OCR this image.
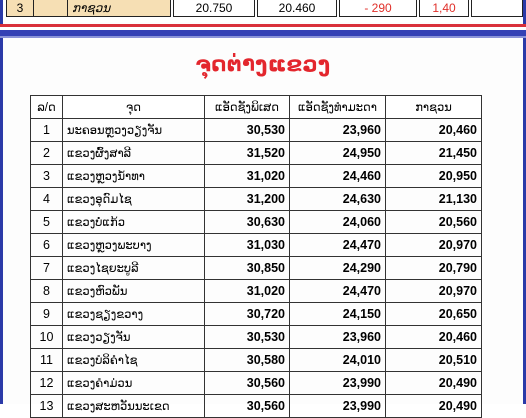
3	ກາຊວນ	20.750	20.460	- 290	1,40
ຈຸດຕ່າງແຂວງ
ລ/ດ	ຈຸດ	ແອັດຊັງພິເສດ	ແອັດຊັງທຳມະດາ	ກາຊວນ
1	ນະຄອນຫຼວງວຽງຈັນ	30,530	23,960	20,460
2	ແຂວງຜົ້ງສາລີ	31,520	24,950	21,450
3	ແຂວງຫຼວງນ້ຳທາ	31,020	24,460	20,950
4	ແຂວງອຸດົມໄຊ	31,200	24,630	21,130
5	ແຂວງບໍ່ແກ້ວ	30,630	24,060	20,560
6	ແຂວງຫຼວງພະບາງ	31,030	24,470	20,970
7	ແຂວງໄຊຍະບູລີ	30,850	24,290	20,790
8	ແຂວງຫົວພັນ	31,020	24,470	20,970
9	ແຂວງຊຽງຂວາງ	30,720	24,150	20,650
10	ແຂວງວຽງຈັນ	30,530	23,960	20,460
11	ແຂວງບໍລິຄຳໄຊ	30,580	24,010	20,510
12	ແຂວງຄຳມ່ວນ	30,560	23,990	20,490
13	ແຂວງສະຫວັນນະເຂດ	30,560	23,990	20,490
